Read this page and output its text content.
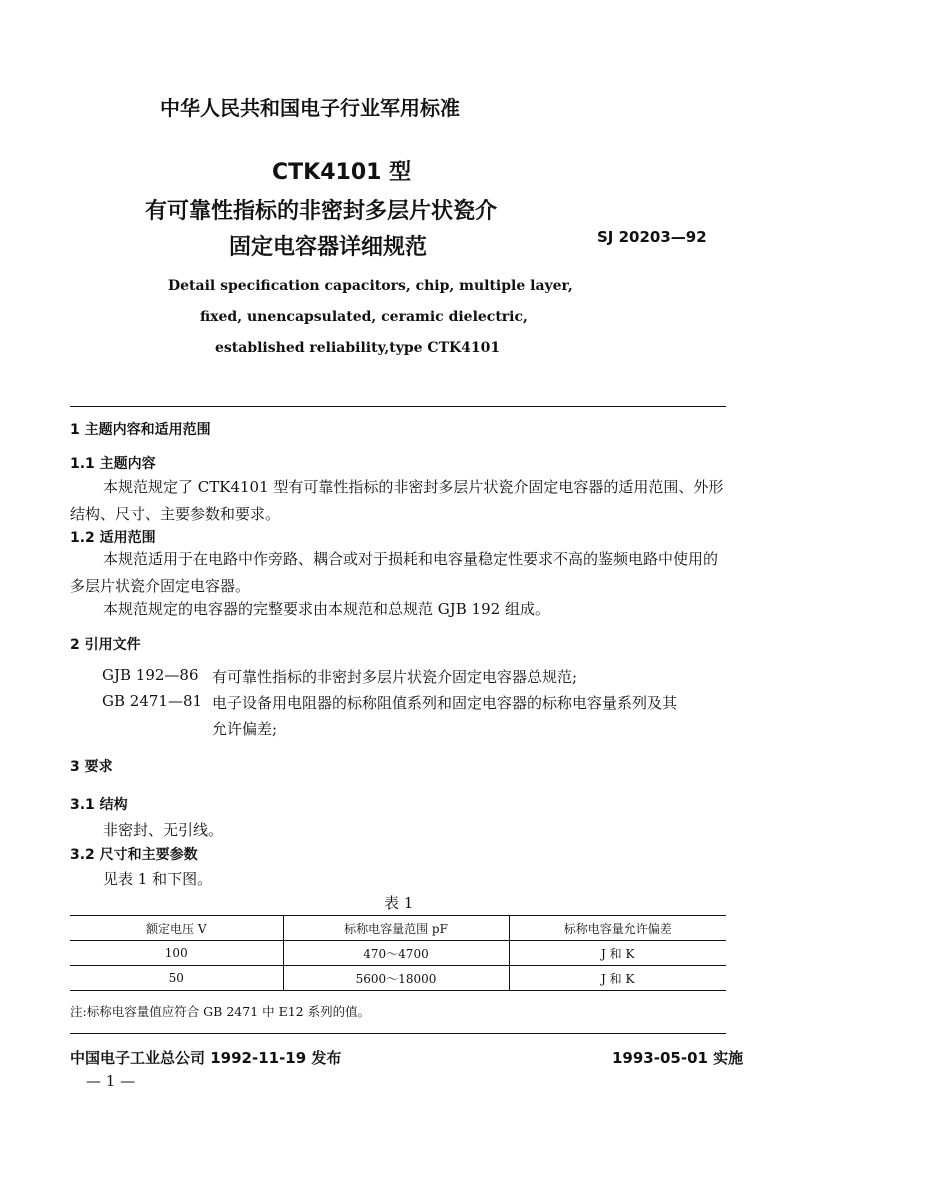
中华人民共和国电子行业军用标准
CTK4101 型
有可靠性指标的非密封多层片状瓷介
固定电容器详细规范	SJ 20203—92
Detail specification capacitors, chip, multiple layer,
fixed, unencapsulated, ceramic dielectric,
established reliability,type CTK4101
1 主题内容和适用范围
1.1 主题内容
本规范规定了 CTK4101 型有可靠性指标的非密封多层片状瓷介固定电容器的适用范围、外形结构、尺寸、主要参数和要求。
1.2 适用范围
本规范适用于在电路中作旁路、耦合或对于损耗和电容量稳定性要求不高的鉴频电路中使用的多层片状瓷介固定电容器。
本规范规定的电容器的完整要求由本规范和总规范 GJB 192 组成。
2 引用文件
GJB 192—86 有可靠性指标的非密封多层片状瓷介固定电容器总规范;
GB 2471—81 电子设备用电阻器的标称阻值系列和固定电容器的标称电容量系列及其
允许偏差;
3 要求
3.1 结构
非密封、无引线。
3.2 尺寸和主要参数
见表 1 和下图。
表 1
额定电压 V	标称电容量范围 pF	标称电容量允许偏差
100	470～4700	J 和 K
50	5600～18000	J 和 K
注:标称电容量值应符合 GB 2471 中 E12 系列的值。
中国电子工业总公司 1992-11-19 发布	1993-05-01 实施
— 1 —
